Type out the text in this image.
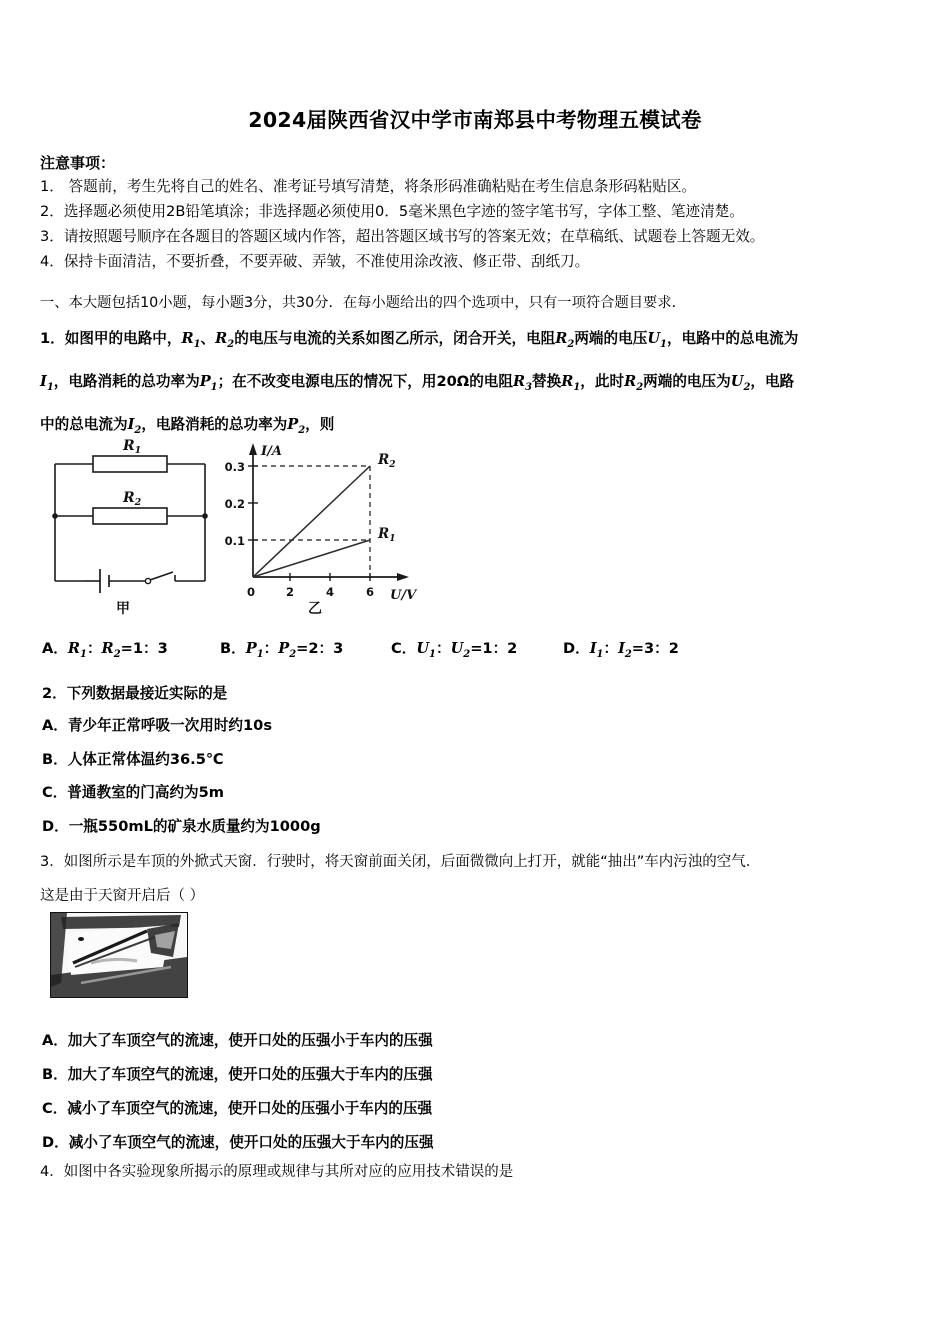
2024届陕西省汉中学市南郑县中考物理五模试卷
注意事项：
1． 答题前，考生先将自己的姓名、准考证号填写清楚，将条形码准确粘贴在考生信息条形码粘贴区。
2．选择题必须使用2B铅笔填涂；非选择题必须使用0．5毫米黑色字迹的签字笔书写，字体工整、笔迹清楚。
3．请按照题号顺序在各题目的答题区域内作答，超出答题区域书写的答案无效；在草稿纸、试题卷上答题无效。
4．保持卡面清洁，不要折叠，不要弄破、弄皱，不准使用涂改液、修正带、刮纸刀。
一、本大题包括10小题，每小题3分，共30分．在每小题给出的四个选项中，只有一项符合题目要求．
1．如图甲的电路中，$R_1$、$R_2$的电压与电流的关系如图乙所示，闭合开关，电阻$R_2$两端的电压$U_1$，电路中的总电流为
$I_1$，电路消耗的总功率为$P_1$；在不改变电源电压的情况下，用20Ω的电阻$R_3$替换$R_1$，此时$R_2$两端的电压为$U_2$，电路
中的总电流为$I_2$，电路消耗的总功率为$P_2$，则
$R_1$
$R_2$
甲
0.3
0.2
0.1
0	2	4	6
I/A
U/V
$R_2$
$R_1$
乙
A．$R_1$：$R_2=1$：3	B．$P_1$：$P_2=2$：3	C．$U_1$：$U_2=1$：2	D．$I_1$：$I_2=3$：2
2．下列数据最接近实际的是
A．青少年正常呼吸一次用时约10s
B．人体正常体温约36.5℃
C．普通教室的门高约为5m
D．一瓶550mL的矿泉水质量约为1000g
3．如图所示是车顶的外掀式天窗．行驶时，将天窗前面关闭，后面微微向上打开，就能“抽出”车内污浊的空气．
这是由于天窗开启后（ ）
A．加大了车顶空气的流速，使开口处的压强小于车内的压强
B．加大了车顶空气的流速，使开口处的压强大于车内的压强
C．减小了车顶空气的流速，使开口处的压强小于车内的压强
D．减小了车顶空气的流速，使开口处的压强大于车内的压强
4．如图中各实验现象所揭示的原理或规律与其所对应的应用技术错误的是
